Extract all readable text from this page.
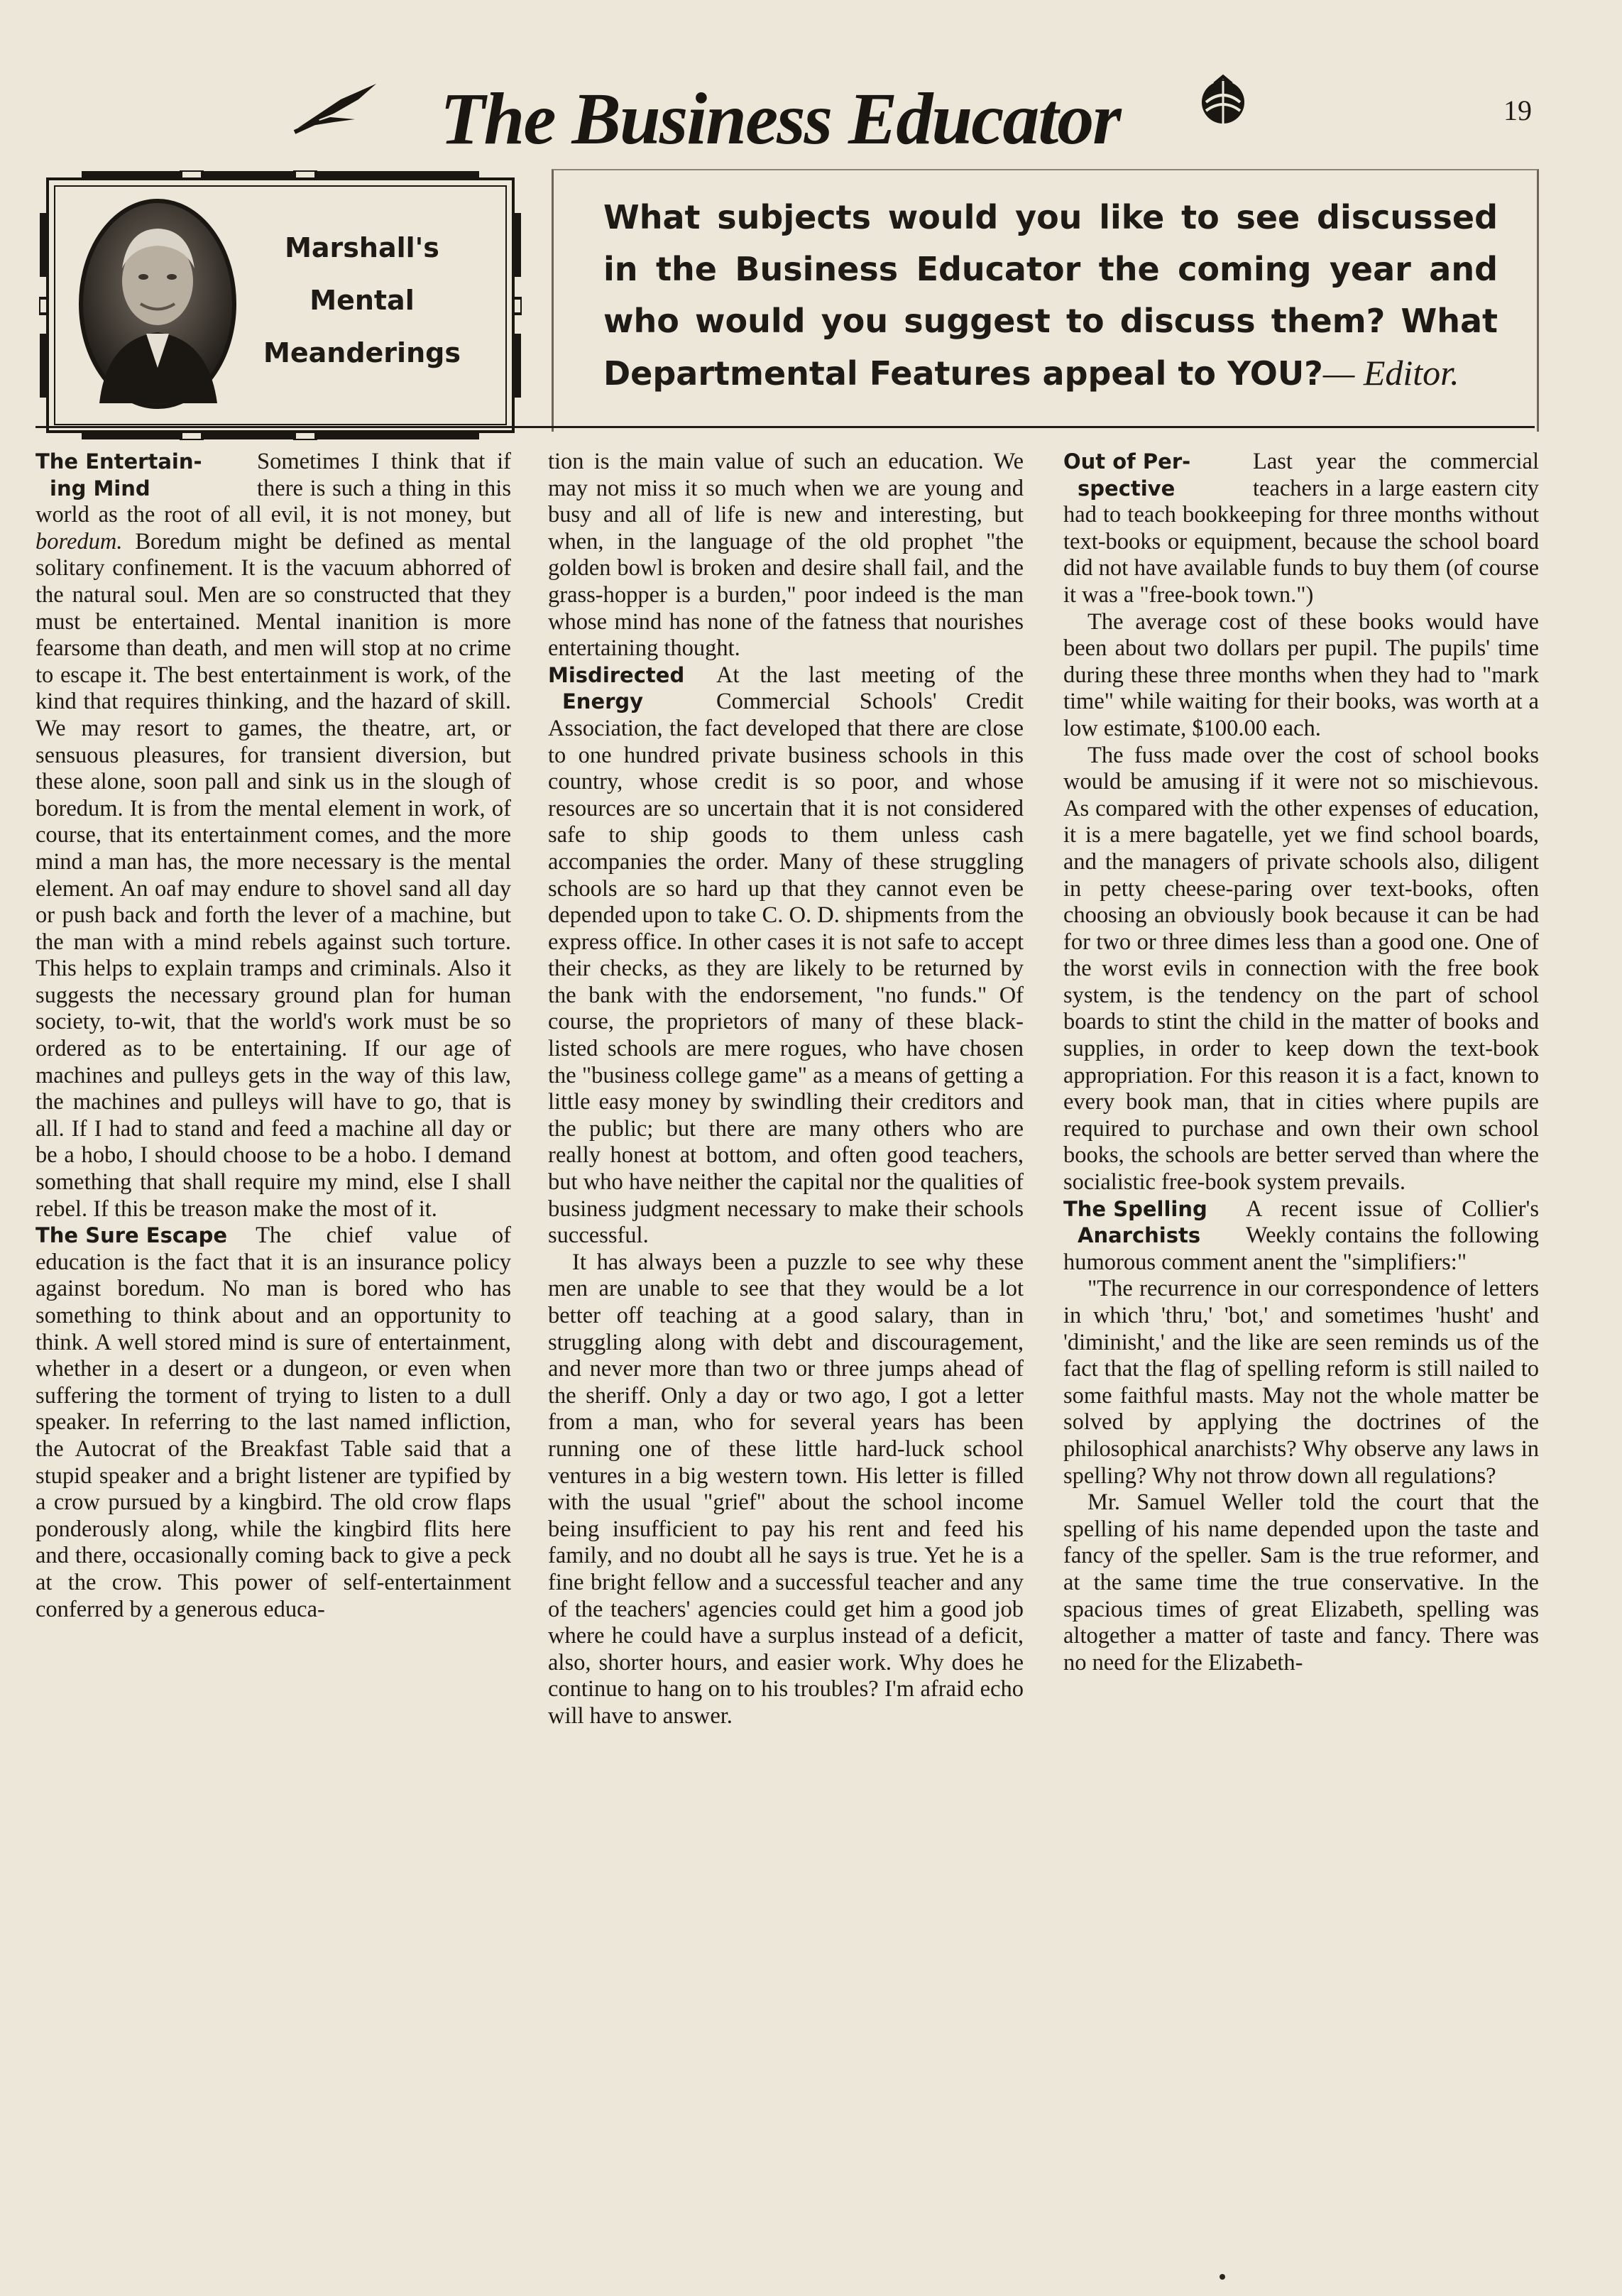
The Business Educator	19
Marshall's
Mental
Meanderings
What subjects would you like to see discussed in the Business Educator the coming year and who would you suggest to discuss them? What Departmental Features appeal to YOU?— Editor.

The Entertain-
ing Mind
Sometimes I think that if there is such a thing in this world as the root of all evil, it is not money, but boredum. Boredum might be defined as mental solitary confinement. It is the vacuum abhorred of the natural soul. Men are so constructed that they must be entertained. Mental inanition is more fearsome than death, and men will stop at no crime to escape it. The best entertainment is work, of the kind that requires thinking, and the hazard of skill. We may resort to games, the theatre, art, or sensuous pleasures, for transient diversion, but these alone, soon pall and sink us in the slough of boredum. It is from the mental element in work, of course, that its entertainment comes, and the more mind a man has, the more necessary is the mental element. An oaf may endure to shovel sand all day or push back and forth the lever of a machine, but the man with a mind rebels against such torture. This helps to explain tramps and criminals. Also it suggests the necessary ground plan for human society, to-wit, that the world's work must be so ordered as to be entertaining. If our age of machines and pulleys gets in the way of this law, the machines and pulleys will have to go, that is all. If I had to stand and feed a machine all day or be a hobo, I should choose to be a hobo. I demand something that shall require my mind, else I shall rebel. If this be treason make the most of it.

The Sure Escape The chief value of education is the fact that it is an insurance policy against boredum. No man is bored who has something to think about and an opportunity to think. A well stored mind is sure of entertainment, whether in a desert or a dungeon, or even when suffering the torment of trying to listen to a dull speaker. In referring to the last named infliction, the Autocrat of the Breakfast Table said that a stupid speaker and a bright listener are typified by a crow pursued by a kingbird. The old crow flaps ponderously along, while the kingbird flits here and there, occasionally coming back to give a peck at the crow. This power of self-entertainment conferred by a generous educa-

tion is the main value of such an education. We may not miss it so much when we are young and busy and all of life is new and interesting, but when, in the language of the old prophet "the golden bowl is broken and desire shall fail, and the grass-hopper is a burden," poor indeed is the man whose mind has none of the fatness that nourishes entertaining thought.

Misdirected
Energy
At the last meeting of the Commercial Schools' Credit Association, the fact developed that there are close to one hundred private business schools in this country, whose credit is so poor, and whose resources are so uncertain that it is not considered safe to ship goods to them unless cash accompanies the order. Many of these struggling schools are so hard up that they cannot even be depended upon to take C. O. D. shipments from the express office. In other cases it is not safe to accept their checks, as they are likely to be returned by the bank with the endorsement, "no funds." Of course, the proprietors of many of these black-listed schools are mere rogues, who have chosen the "business college game" as a means of getting a little easy money by swindling their creditors and the public; but there are many others who are really honest at bottom, and often good teachers, but who have neither the capital nor the qualities of business judgment necessary to make their schools successful.

It has always been a puzzle to see why these men are unable to see that they would be a lot better off teaching at a good salary, than in struggling along with debt and discouragement, and never more than two or three jumps ahead of the sheriff. Only a day or two ago, I got a letter from a man, who for several years has been running one of these little hard-luck school ventures in a big western town. His letter is filled with the usual "grief" about the school income being insufficient to pay his rent and feed his family, and no doubt all he says is true. Yet he is a fine bright fellow and a successful teacher and any of the teachers' agencies could get him a good job where he could have a surplus instead of a deficit, also, shorter hours, and easier work. Why does he continue to hang on to his troubles? I'm afraid echo will have to answer.

Out of Per-
spective
Last year the commercial teachers in a large eastern city had to teach bookkeeping for three months without text-books or equipment, because the school board did not have available funds to buy them (of course it was a "free-book town.")

The average cost of these books would have been about two dollars per pupil. The pupils' time during these three months when they had to "mark time" while waiting for their books, was worth at a low estimate, $100.00 each.

The fuss made over the cost of school books would be amusing if it were not so mischievous. As compared with the other expenses of education, it is a mere bagatelle, yet we find school boards, and the managers of private schools also, diligent in petty cheese-paring over text-books, often choosing an obviously book because it can be had for two or three dimes less than a good one. One of the worst evils in connection with the free book system, is the tendency on the part of school boards to stint the child in the matter of books and supplies, in order to keep down the text-book appropriation. For this reason it is a fact, known to every book man, that in cities where pupils are required to purchase and own their own school books, the schools are better served than where the socialistic free-book system prevails.

The Spelling
Anarchists
A recent issue of Collier's Weekly contains the following humorous comment anent the "simplifiers:"

"The recurrence in our correspondence of letters in which 'thru,' 'bot,' and sometimes 'husht' and 'diminisht,' and the like are seen reminds us of the fact that the flag of spelling reform is still nailed to some faithful masts. May not the whole matter be solved by applying the doctrines of the philosophical anarchists? Why observe any laws in spelling? Why not throw down all regulations?

Mr. Samuel Weller told the court that the spelling of his name depended upon the taste and fancy of the speller. Sam is the true reformer, and at the same time the true conservative. In the spacious times of great Elizabeth, spelling was altogether a matter of taste and fancy. There was no need for the Elizabeth-
